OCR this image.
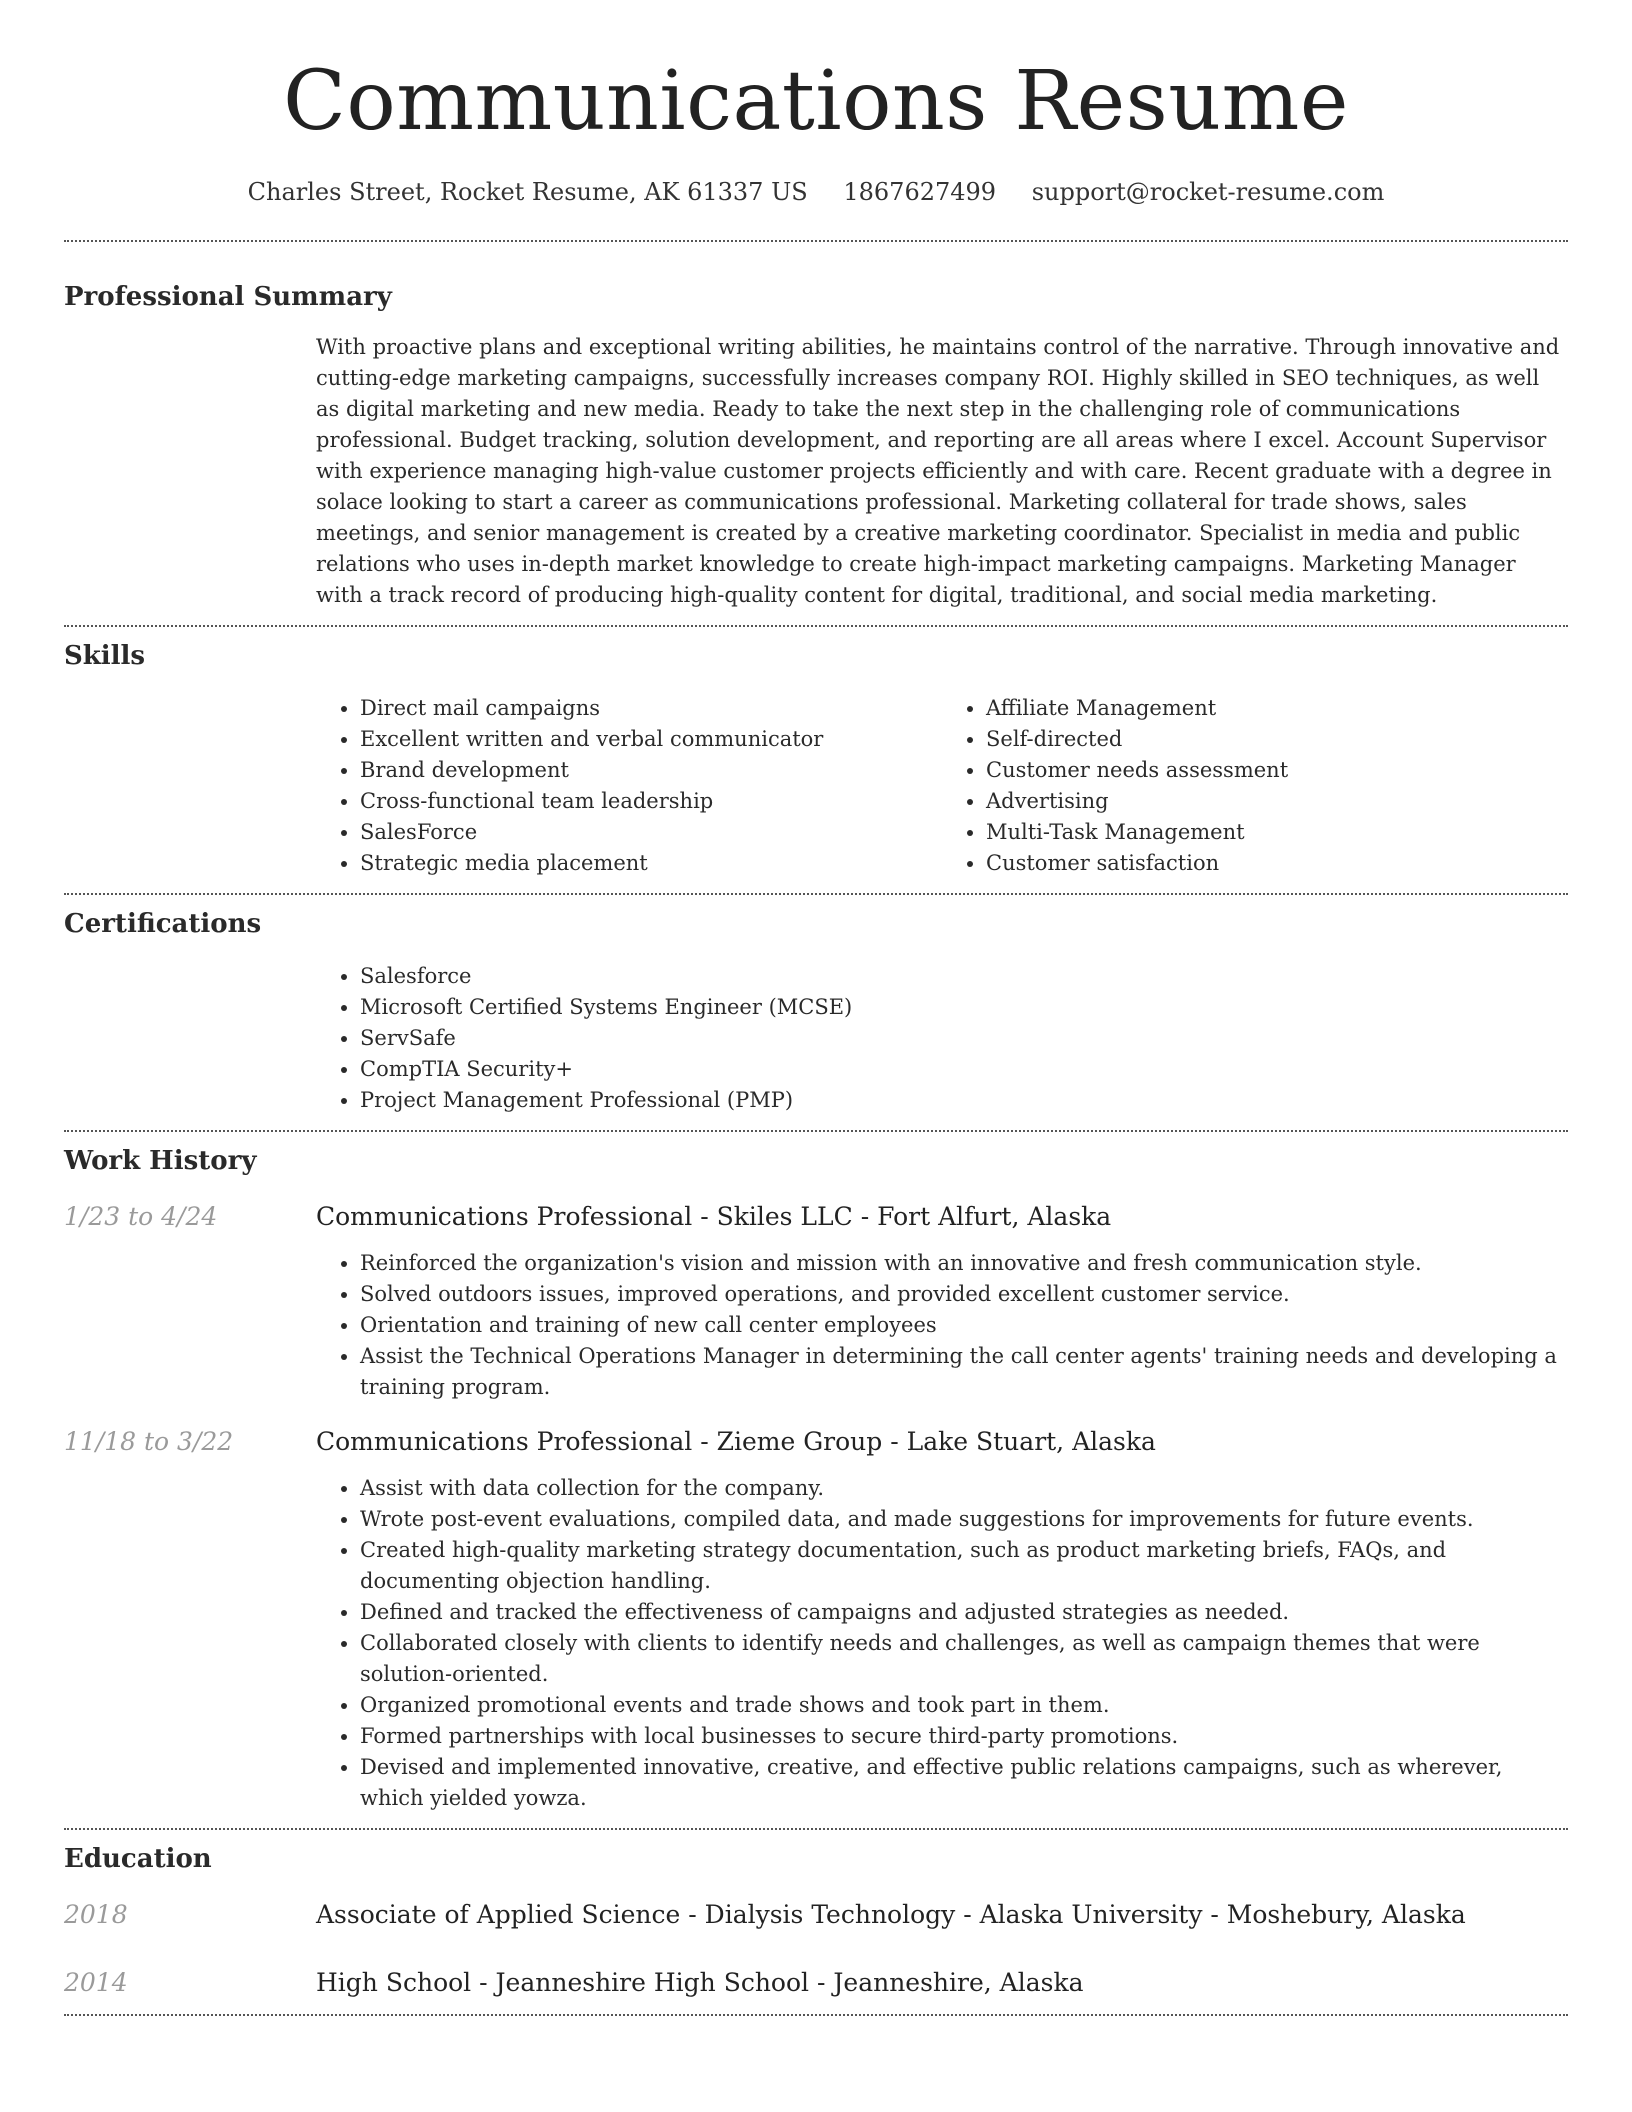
Communications Resume
Charles Street, Rocket Resume, AK 61337 US 1867627499 support@rocket-resume.com
Professional Summary
With proactive plans and exceptional writing abilities, he maintains control of the narrative. Through innovative and cutting-edge marketing campaigns, successfully increases company ROI. Highly skilled in SEO techniques, as well as digital marketing and new media. Ready to take the next step in the challenging role of communications professional. Budget tracking, solution development, and reporting are all areas where I excel. Account Supervisor with experience managing high-value customer projects efficiently and with care. Recent graduate with a degree in solace looking to start a career as communications professional. Marketing collateral for trade shows, sales meetings, and senior management is created by a creative marketing coordinator. Specialist in media and public relations who uses in-depth market knowledge to create high-impact marketing campaigns. Marketing Manager with a track record of producing high-quality content for digital, traditional, and social media marketing.
Skills
• Direct mail campaigns
• Excellent written and verbal communicator
• Brand development
• Cross-functional team leadership
• SalesForce
• Strategic media placement
• Affiliate Management
• Self-directed
• Customer needs assessment
• Advertising
• Multi-Task Management
• Customer satisfaction
Certifications
• Salesforce
• Microsoft Certified Systems Engineer (MCSE)
• ServSafe
• CompTIA Security+
• Project Management Professional (PMP)
Work History
1/23 to 4/24	Communications Professional - Skiles LLC - Fort Alfurt, Alaska
• Reinforced the organization's vision and mission with an innovative and fresh communication style.
• Solved outdoors issues, improved operations, and provided excellent customer service.
• Orientation and training of new call center employees
• Assist the Technical Operations Manager in determining the call center agents' training needs and developing a training program.
11/18 to 3/22	Communications Professional - Zieme Group - Lake Stuart, Alaska
• Assist with data collection for the company.
• Wrote post-event evaluations, compiled data, and made suggestions for improvements for future events.
• Created high-quality marketing strategy documentation, such as product marketing briefs, FAQs, and documenting objection handling.
• Defined and tracked the effectiveness of campaigns and adjusted strategies as needed.
• Collaborated closely with clients to identify needs and challenges, as well as campaign themes that were solution-oriented.
• Organized promotional events and trade shows and took part in them.
• Formed partnerships with local businesses to secure third-party promotions.
• Devised and implemented innovative, creative, and effective public relations campaigns, such as wherever, which yielded yowza.
Education
2018	Associate of Applied Science - Dialysis Technology - Alaska University - Moshebury, Alaska
2014	High School - Jeanneshire High School - Jeanneshire, Alaska
